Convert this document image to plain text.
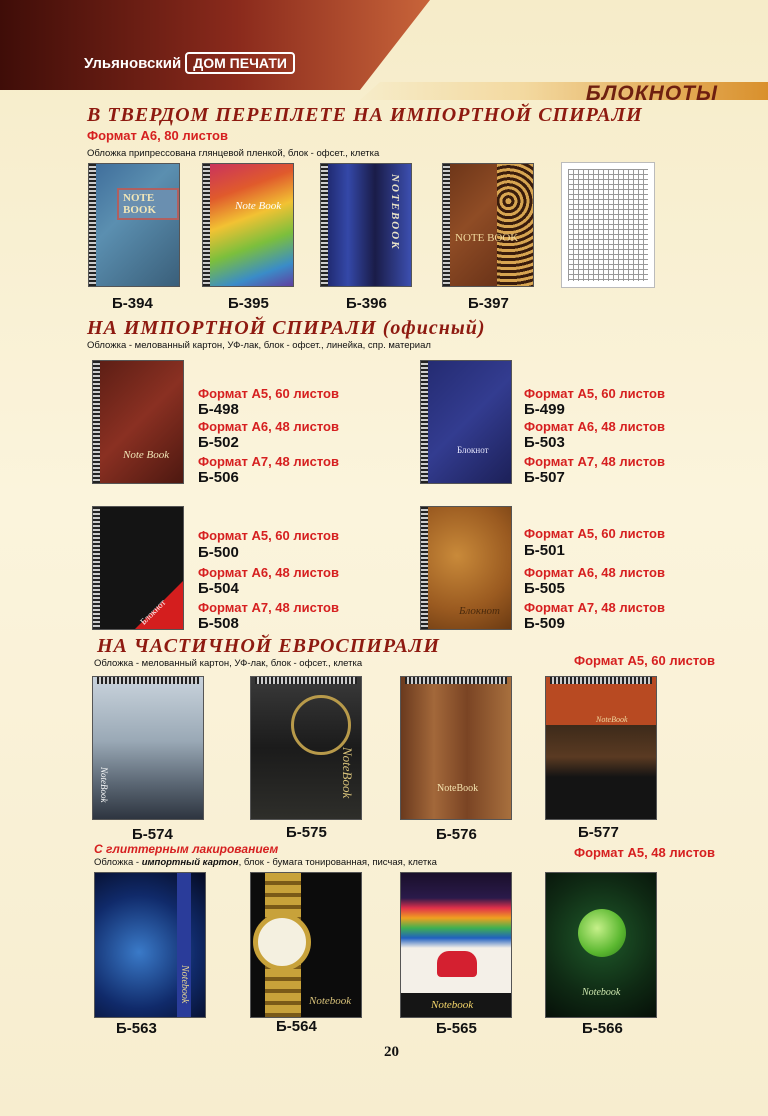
Ульяновский ДОМ ПЕЧАТИ
БЛОКНОТЫ
В ТВЕРДОМ ПЕРЕПЛЕТЕ НА ИМПОРТНОЙ СПИРАЛИ
Формат А6, 80 листов
Обложка припрессована глянцевой пленкой, блок - офсет., клетка
NOTE BOOK	Note Book	NOTEBOOK	NOTE BOOK
Б-394	Б-395	Б-396	Б-397
НА ИМПОРТНОЙ СПИРАЛИ (офисный)
Обложка - мелованный картон, УФ-лак, блок - офсет., линейка, спр. материал
Note Book
Формат А5, 60 листов
Б-498
Формат А6, 48 листов
Б-502
Формат А7, 48 листов
Б-506
Блокнот
Формат А5, 60 листов
Б-499
Формат А6, 48 листов
Б-503
Формат А7, 48 листов
Б-507
Блокнот
Формат А5, 60 листов
Б-500
Формат А6, 48 листов
Б-504
Формат А7, 48 листов
Б-508
Блокнот
Формат А5, 60 листов
Б-501
Формат А6, 48 листов
Б-505
Формат А7, 48 листов
Б-509
НА ЧАСТИЧНОЙ ЕВРОСПИРАЛИ
Обложка - мелованный картон, УФ-лак, блок - офсет., клетка	Формат А5, 60 листов
NoteBook	NoteBook	NoteBook
NoteBook
Б-574	Б-575	Б-576	Б-577
С глиттерным лакированием
Обложка - импортный картон, блок - бумага тонированная, писчая, клетка
Формат А5, 48 листов
Notebook	Notebook	Notebook
Notebook
Б-563	Б-564	Б-565	Б-566
20
